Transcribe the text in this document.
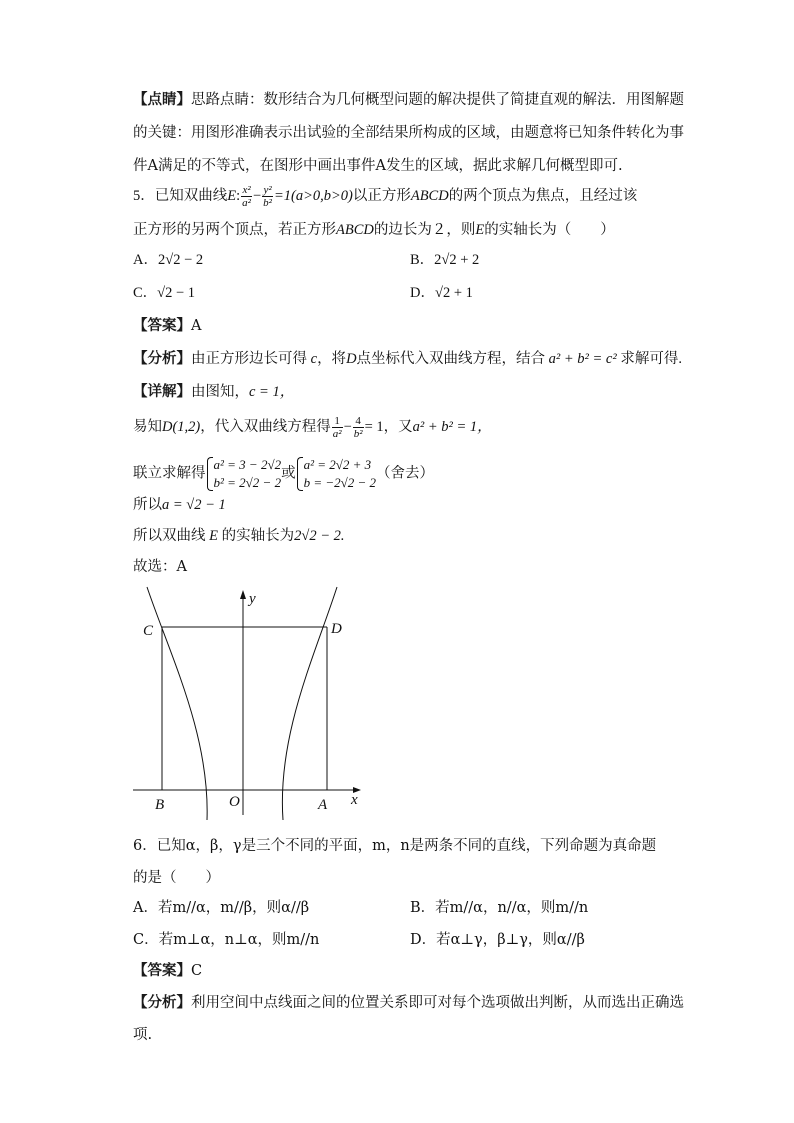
【点睛】思路点睛：数形结合为几何概型问题的解决提供了简捷直观的解法．用图解题
的关键：用图形准确表示出试验的全部结果所构成的区域，由题意将已知条件转化为事
件A满足的不等式，在图形中画出事件A发生的区域，据此求解几何概型即可.
5．已知双曲线E: $\frac{\text{x²}}{\text{a²}} - \frac{\text{y²}}{\text{b²}} =1(a>0,b>0)$以正方形ABCD的两个顶点为焦点，且经过该
正方形的另两个顶点，若正方形ABCD的边长为２，则E的实轴长为（　　）
A．2√2 − 2	B．2√2 + 2
C．√2 − 1	D．√2 + 1
【答案】A
【分析】由正方形边长可得 c，将D点坐标代入双曲线方程，结合 a² + b² = c² 求解可得.
【详解】由图知，c = 1，
易知D(1,2)，代入双曲线方程得 $\frac{1}{\text{a²}} - \frac{4}{\text{b²}} = 1$，又a² + b² = 1，
联立求解得
a² = 3 − 2√2
b² = 2√2 − 2
或
a² = 2√2 + 3
b = −2√2 − 2
（舍去）
所以a = √2 − 1
所以双曲线 E 的实轴长为2√2 − 2.
故选：A
y
C	D
B	O	A x
6．已知α，β，γ是三个不同的平面，m，n是两条不同的直线，下列命题为真命题
的是（　　）
A．若m//α，m//β，则α//β	B．若m//α，n//α，则m//n
C．若m⊥α，n⊥α，则m//n	D．若α⊥γ，β⊥γ，则α//β
【答案】C
【分析】利用空间中点线面之间的位置关系即可对每个选项做出判断，从而选出正确选
项.
